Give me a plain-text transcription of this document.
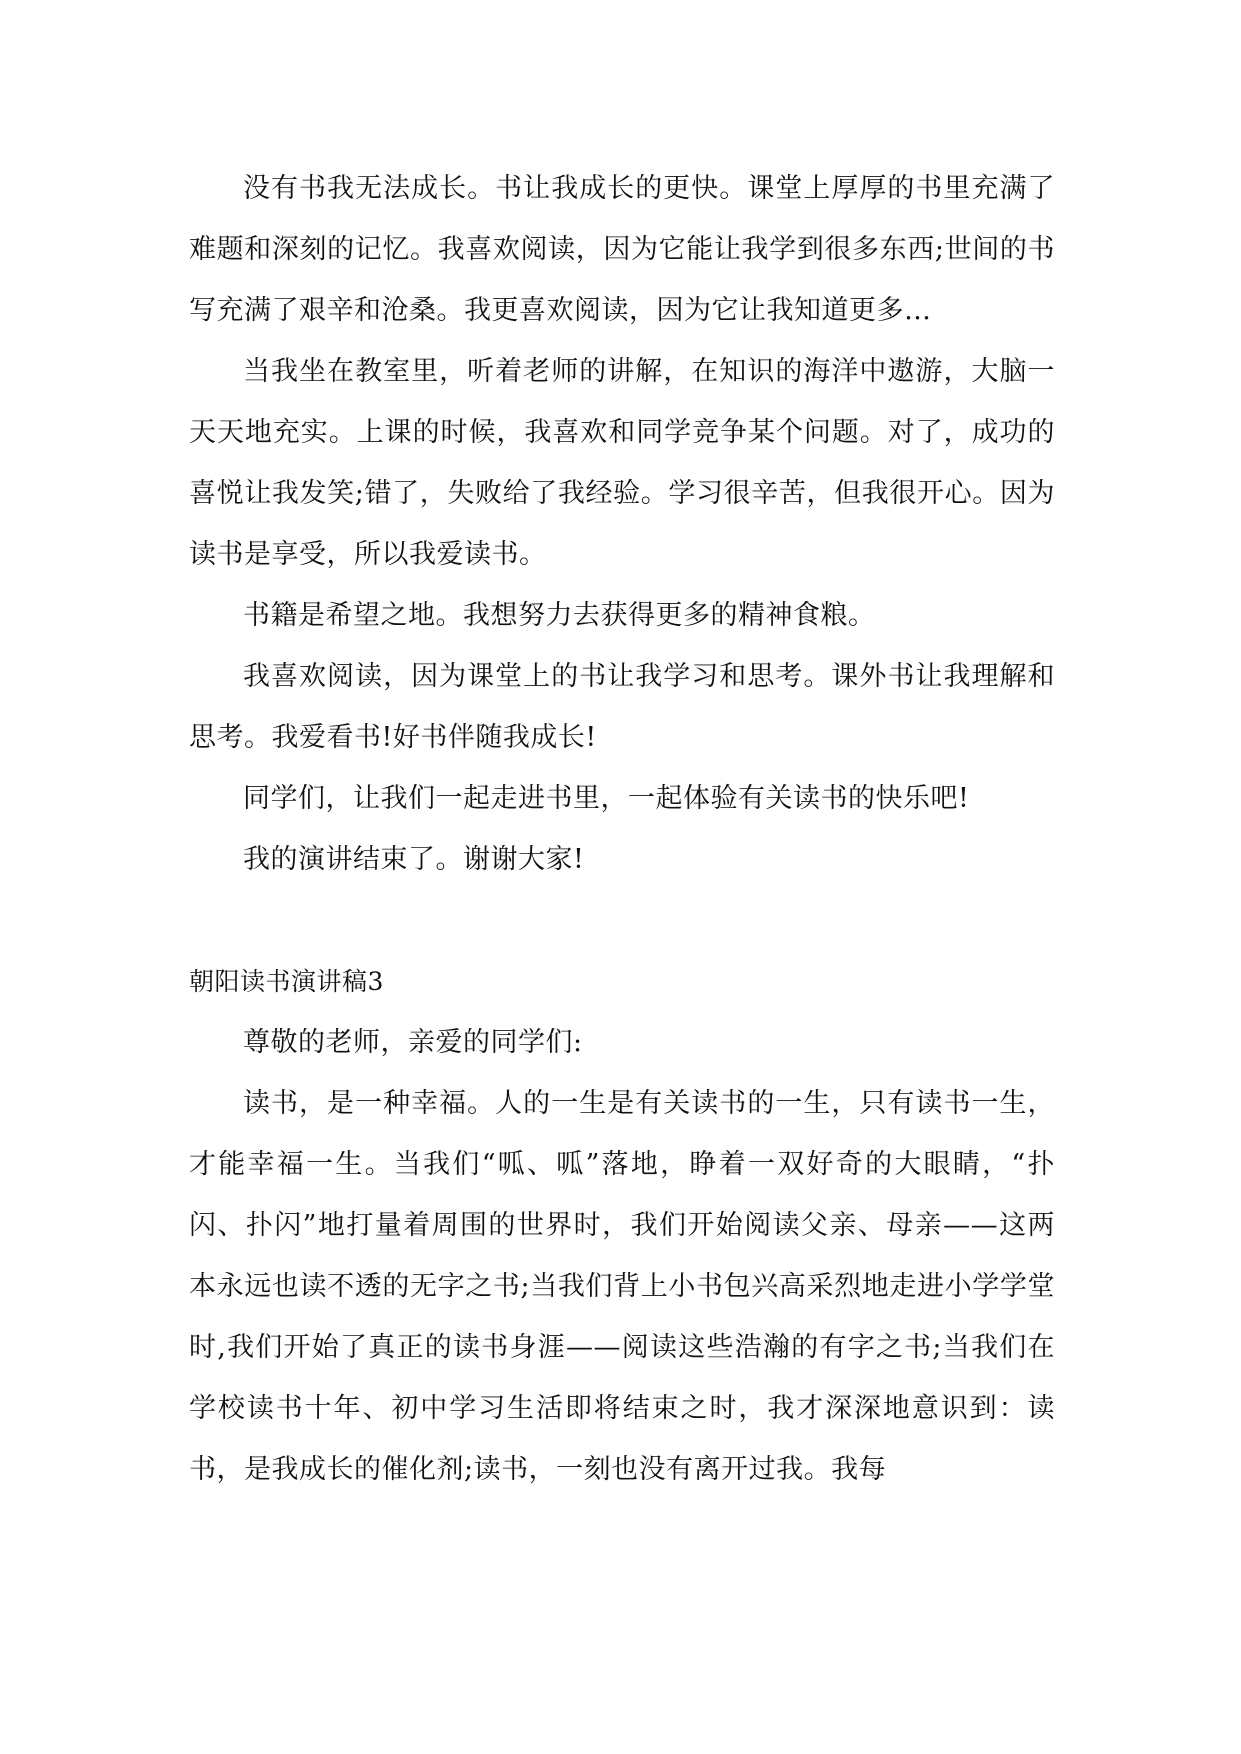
没有书我无法成长。书让我成长的更快。课堂上厚厚的书里充满了难题和深刻的记忆。我喜欢阅读，因为它能让我学到很多东西;世间的书写充满了艰辛和沧桑。我更喜欢阅读，因为它让我知道更多…

当我坐在教室里，听着老师的讲解，在知识的海洋中遨游，大脑一天天地充实。上课的时候，我喜欢和同学竞争某个问题。对了，成功的喜悦让我发笑;错了，失败给了我经验。学习很辛苦，但我很开心。因为读书是享受，所以我爱读书。

书籍是希望之地。我想努力去获得更多的精神食粮。

我喜欢阅读，因为课堂上的书让我学习和思考。课外书让我理解和思考。我爱看书!好书伴随我成长!

同学们，让我们一起走进书里，一起体验有关读书的快乐吧!

我的演讲结束了。谢谢大家!

朝阳读书演讲稿3

尊敬的老师，亲爱的同学们:

读书，是一种幸福。人的一生是有关读书的一生，只有读书一生，才能幸福一生。当我们“呱、呱”落地，睁着一双好奇的大眼睛，“扑闪、扑闪”地打量着周围的世界时，我们开始阅读父亲、母亲——这两本永远也读不透的无字之书;当我们背上小书包兴高采烈地走进小学学堂时,我们开始了真正的读书身涯——阅读这些浩瀚的有字之书;当我们在学校读书十年、初中学习生活即将结束之时，我才深深地意识到：读书，是我成长的催化剂;读书，一刻也没有离开过我。我每
